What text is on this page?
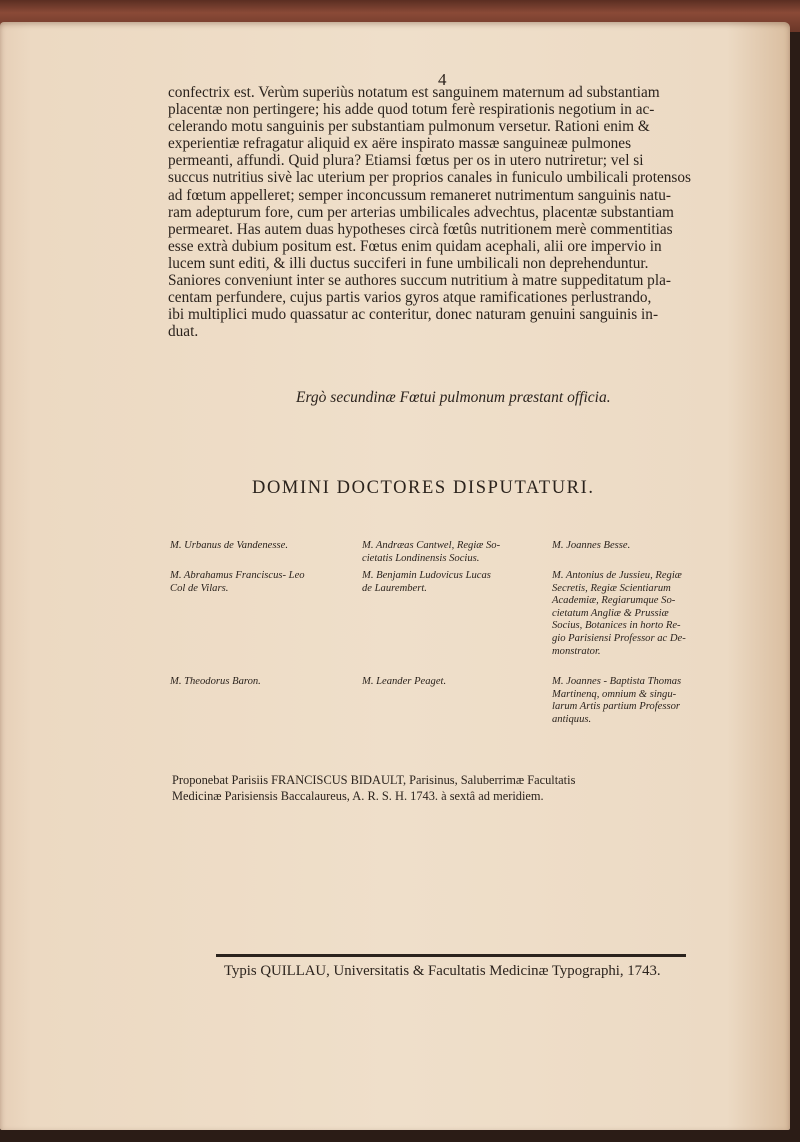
4
confectrix est. Verùm superiùs notatum est sanguinem maternum ad substantiam
placentæ non pertingere; his adde quod totum ferè respirationis negotium in ac-
celerando motu sanguinis per substantiam pulmonum versetur. Rationi enim &
experientiæ refragatur aliquid ex aëre inspirato massæ sanguineæ pulmones
permeanti, affundi. Quid plura? Etiamsi fœtus per os in utero nutriretur; vel si
succus nutritius sivè lac uterium per proprios canales in funiculo umbilicali protensos
ad fœtum appelleret; semper inconcussum remaneret nutrimentum sanguinis natu-
ram adepturum fore, cum per arterias umbilicales advechtus, placentæ substantiam
permearet. Has autem duas hypotheses circà fœtûs nutritionem merè commentitias
esse extrà dubium positum est. Fœtus enim quidam acephali, alii ore impervio in
lucem sunt editi, & illi ductus succiferi in fune umbilicali non deprehenduntur.
Saniores conveniunt inter se authores succum nutritium à matre suppeditatum pla-
centam perfundere, cujus partis varios gyros atque ramificationes perlustrando,
ibi multiplici mudo quassatur ac conteritur, donec naturam genuini sanguinis in-
duat.
Ergò secundinæ Fœtui pulmonum præstant officia.
DOMINI DOCTORES DISPUTATURI.
M. Urbanus de Vandenesse.
M. Abrahamus Franciscus- Leo
Col de Vilars.
M. Theodorus Baron.
M. Andræas Cantwel, Regiæ So-
cietatis Londinensis Socius.
M. Benjamin Ludovicus Lucas
de Laurembert.
M. Leander Peaget.
M. Joannes Besse.
M. Antonius de Jussieu, Regiæ
Secretis, Regiæ Scientiarum
Academiæ, Regiarumque So-
cietatum Angliæ & Prussiæ
Socius, Botanices in horto Re-
gio Parisiensi Professor ac De-
monstrator.
M. Joannes - Baptista Thomas
Martinenq, omnium & singu-
larum Artis partium Professor
antiquus.
Proponebat Parisiis FRANCISCUS BIDAULT, Parisinus, Saluberrimæ Facultatis
Medicinæ Parisiensis Baccalaureus, A. R. S. H. 1743. à sextâ ad meridiem.
Typis QUILLAU, Universitatis & Facultatis Medicinæ Typographi, 1743.
